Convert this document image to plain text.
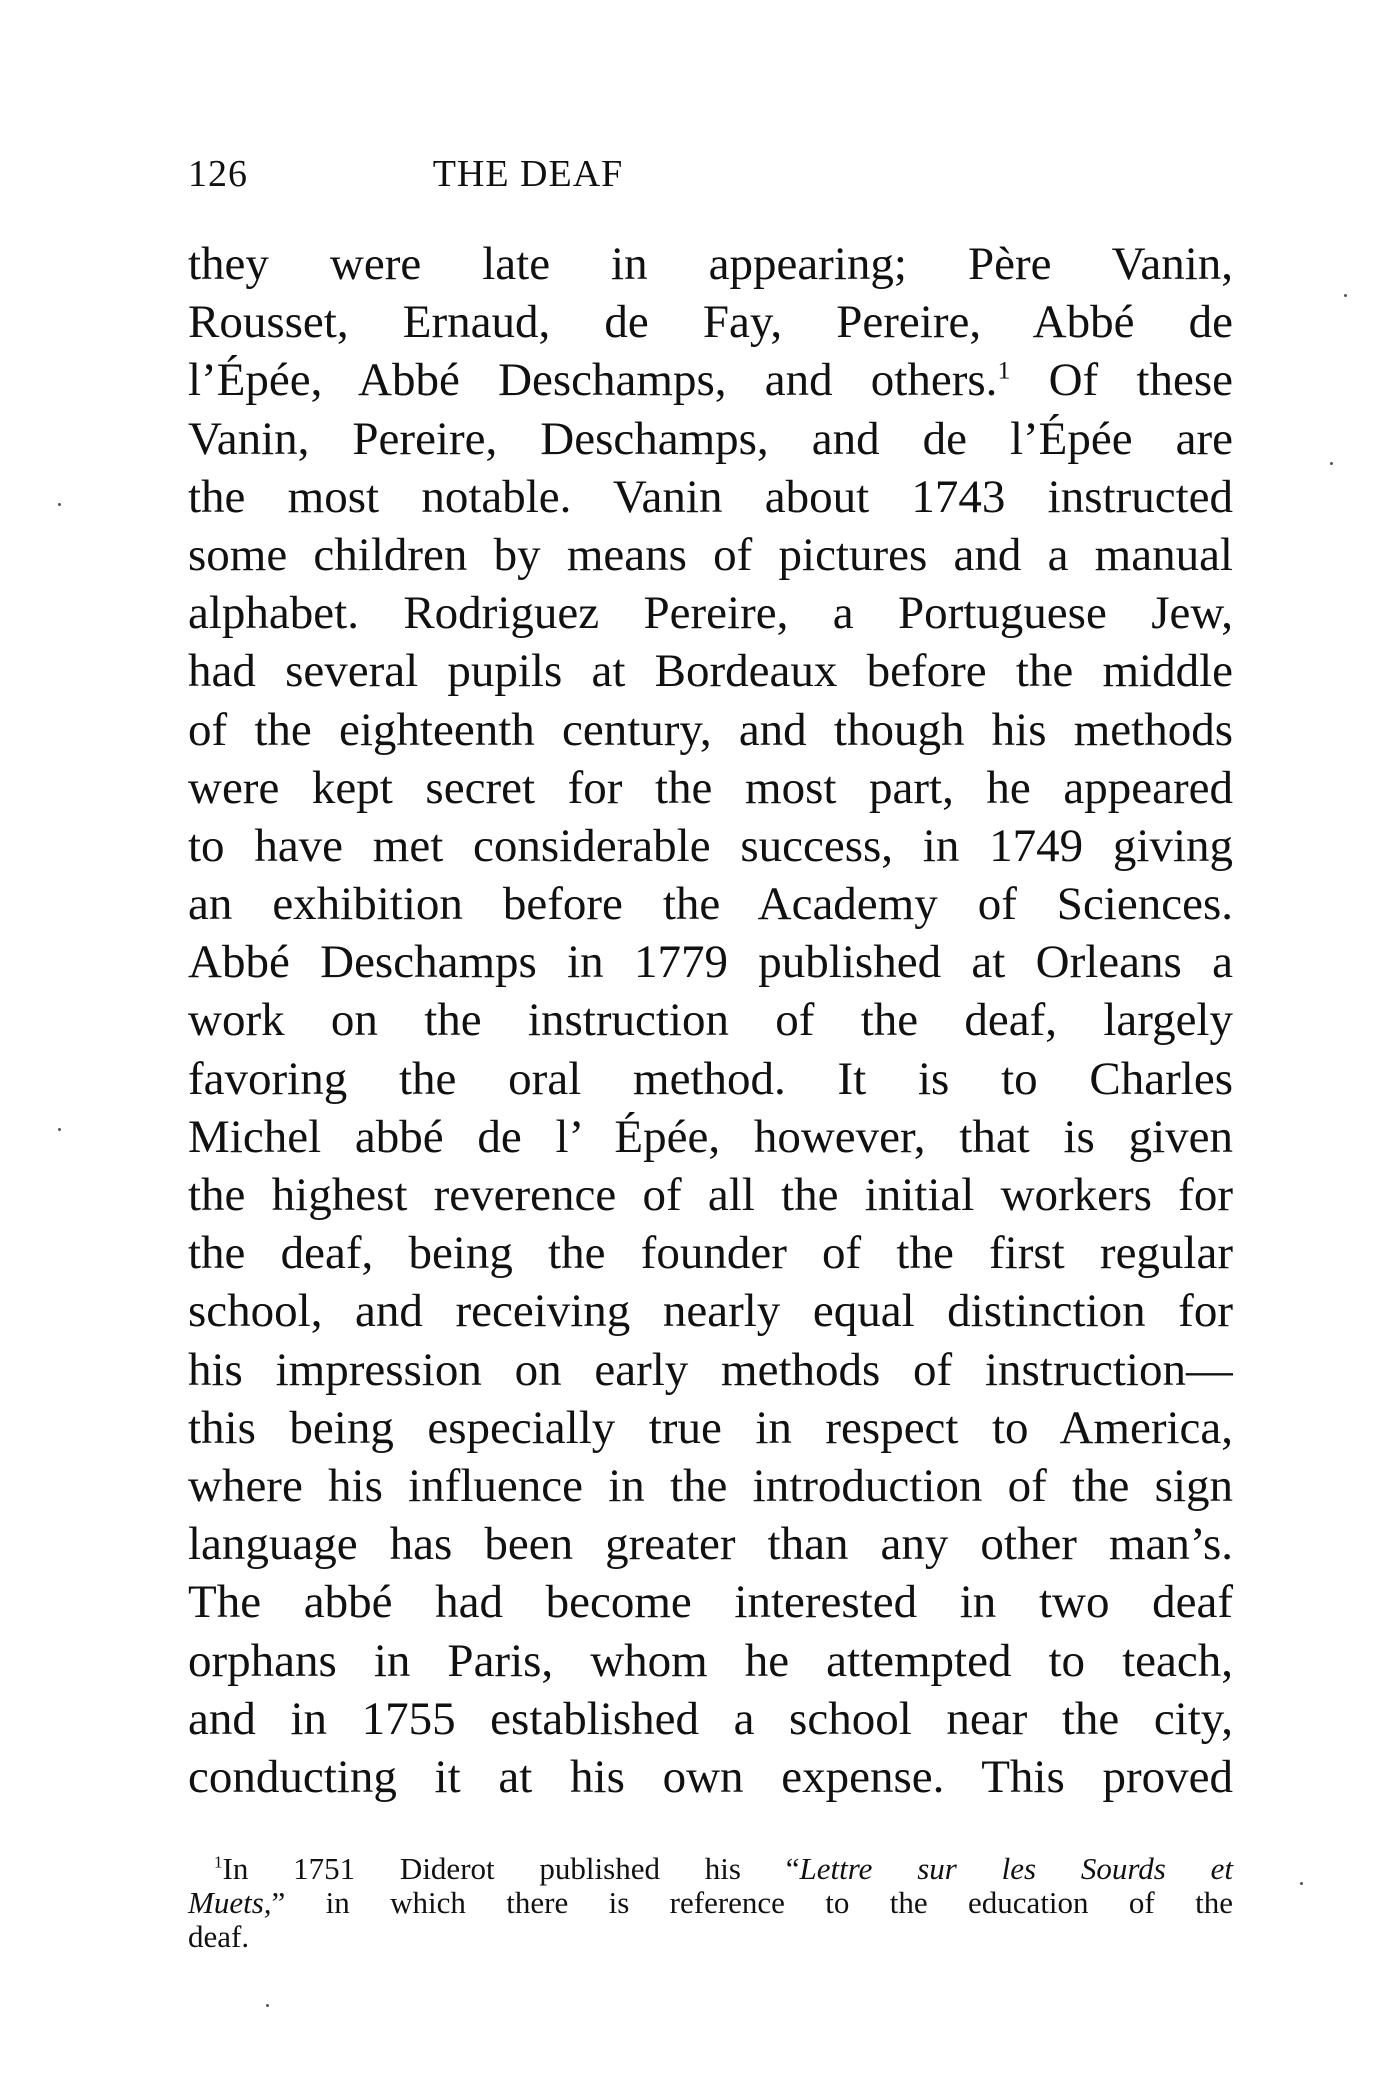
126	THE DEAF
they were late in appearing; Père Vanin,
Rousset, Ernaud, de Fay, Pereire, Abbé de
l’Épée, Abbé Deschamps, and others.$^1$ Of these
Vanin, Pereire, Deschamps, and de l’Épée are
the most notable. Vanin about 1743 instructed
some children by means of pictures and a manual
alphabet. Rodriguez Pereire, a Portuguese Jew,
had several pupils at Bordeaux before the middle
of the eighteenth century, and though his methods
were kept secret for the most part, he appeared
to have met considerable success, in 1749 giving
an exhibition before the Academy of Sciences.
Abbé Deschamps in 1779 published at Orleans a
work on the instruction of the deaf, largely
favoring the oral method. It is to Charles
Michel abbé de l’ Épée, however, that is given
the highest reverence of all the initial workers for
the deaf, being the founder of the first regular
school, and receiving nearly equal distinction for
his impression on early methods of instruction—
this being especially true in respect to America,
where his influence in the introduction of the sign
language has been greater than any other man’s.
The abbé had become interested in two deaf
orphans in Paris, whom he attempted to teach,
and in 1755 established a school near the city,
conducting it at his own expense. This proved
$^1$In 1751 Diderot published his “Lettre sur les Sourds et
Muets,” in which there is reference to the education of the
deaf.
